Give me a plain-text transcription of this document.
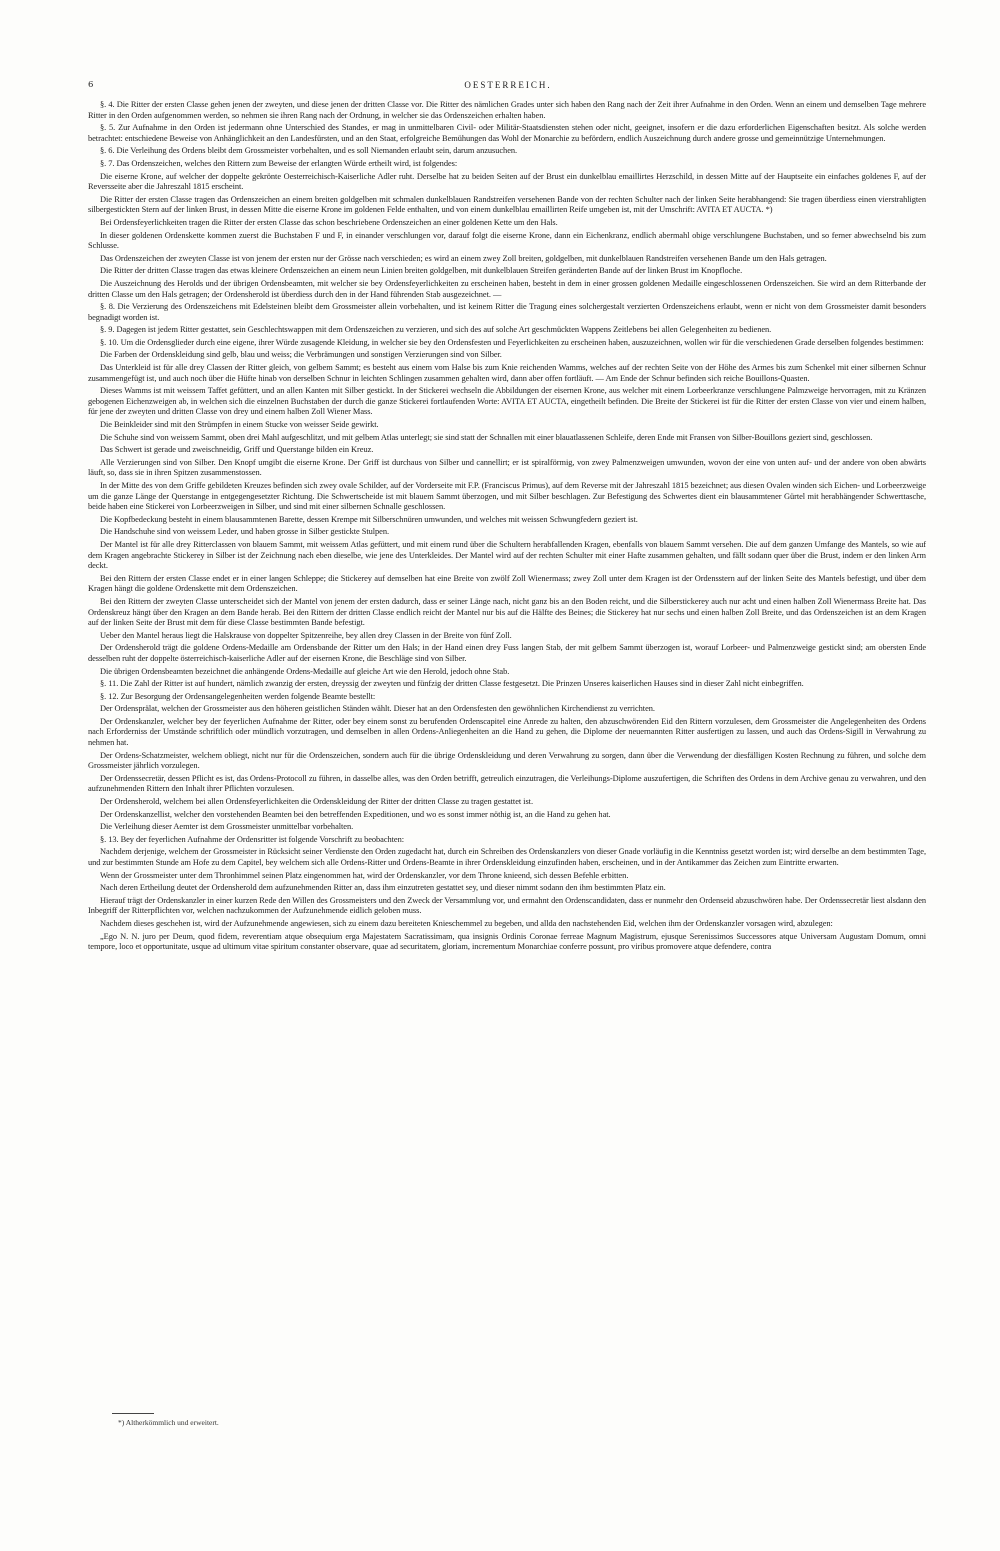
6	OESTERREICH.

§. 4. Die Ritter der ersten Classe gehen jenen der zweyten, und diese jenen der dritten Classe vor. Die Ritter des nämlichen Grades unter sich haben den Rang nach der Zeit ihrer Aufnahme in den Orden. Wenn an einem und demselben Tage mehrere Ritter in den Orden aufgenommen werden, so nehmen sie ihren Rang nach der Ordnung, in welcher sie das Ordenszeichen erhalten haben.

§. 5. Zur Aufnahme in den Orden ist jedermann ohne Unterschied des Standes, er mag in unmittelbaren Civil- oder Militär-Staatsdiensten stehen oder nicht, geeignet, insofern er die dazu erforderlichen Eigenschaften besitzt. Als solche werden betrachtet: entschiedene Beweise von Anhänglichkeit an den Landesfürsten, und an den Staat, erfolgreiche Bemühungen das Wohl der Monarchie zu befördern, endlich Auszeichnung durch andere grosse und gemeinnützige Unternehmungen.

§. 6. Die Verleihung des Ordens bleibt dem Grossmeister vorbehalten, und es soll Niemanden erlaubt sein, darum anzusuchen.

§. 7. Das Ordenszeichen, welches den Rittern zum Beweise der erlangten Würde ertheilt wird, ist folgendes:

Die eiserne Krone, auf welcher der doppelte gekrönte Oesterreichisch-Kaiserliche Adler ruht. Derselbe hat zu beiden Seiten auf der Brust ein dunkelblau emaillirtes Herzschild, in dessen Mitte auf der Hauptseite ein einfaches goldenes F, auf der Reversseite aber die Jahreszahl 1815 erscheint.

Die Ritter der ersten Classe tragen das Ordenszeichen an einem breiten goldgelben mit schmalen dunkelblauen Randstreifen versehenen Bande von der rechten Schulter nach der linken Seite herabhangend: Sie tragen überdiess einen vierstrahligten silbergestickten Stern auf der linken Brust, in dessen Mitte die eiserne Krone im goldenen Felde enthalten, und von einem dunkelblau emaillirten Reife umgeben ist, mit der Umschrift: AVITA ET AUCTA. *)

Bei Ordensfeyerlichkeiten tragen die Ritter der ersten Classe das schon beschriebene Ordenszeichen an einer goldenen Kette um den Hals.

In dieser goldenen Ordenskette kommen zuerst die Buchstaben F und F, in einander verschlungen vor, darauf folgt die eiserne Krone, dann ein Eichenkranz, endlich abermahl obige verschlungene Buchstaben, und so ferner abwechselnd bis zum Schlusse.

Das Ordenszeichen der zweyten Classe ist von jenem der ersten nur der Grösse nach verschieden; es wird an einem zwey Zoll breiten, goldgelben, mit dunkelblauen Randstreifen versehenen Bande um den Hals getragen.

Die Ritter der dritten Classe tragen das etwas kleinere Ordenszeichen an einem neun Linien breiten goldgelben, mit dunkelblauen Streifen geränderten Bande auf der linken Brust im Knopfloche.

Die Auszeichnung des Herolds und der übrigen Ordensbeamten, mit welcher sie bey Ordensfeyerlichkeiten zu erscheinen haben, besteht in dem in einer grossen goldenen Medaille eingeschlossenen Ordenszeichen. Sie wird an dem Ritterbande der dritten Classe um den Hals getragen; der Ordensherold ist überdiess durch den in der Hand führenden Stab ausgezeichnet. —

§. 8. Die Verzierung des Ordenszeichens mit Edelsteinen bleibt dem Grossmeister allein vorbehalten, und ist keinem Ritter die Tragung eines solchergestalt verzierten Ordenszeichens erlaubt, wenn er nicht von dem Grossmeister damit besonders begnadigt worden ist.

§. 9. Dagegen ist jedem Ritter gestattet, sein Geschlechtswappen mit dem Ordenszeichen zu verzieren, und sich des auf solche Art geschmückten Wappens Zeitlebens bei allen Gelegenheiten zu bedienen.

§. 10. Um die Ordensglieder durch eine eigene, ihrer Würde zusagende Kleidung, in welcher sie bey den Ordensfesten und Feyerlichkeiten zu erscheinen haben, auszuzeichnen, wollen wir für die verschiedenen Grade derselben folgendes bestimmen:

Die Farben der Ordenskleidung sind gelb, blau und weiss; die Verbrämungen und sonstigen Verzierungen sind von Silber.

Das Unterkleid ist für alle drey Classen der Ritter gleich, von gelbem Sammt; es besteht aus einem vom Halse bis zum Knie reichenden Wamms, welches auf der rechten Seite von der Höhe des Armes bis zum Schenkel mit einer silbernen Schnur zusammengefügt ist, und auch noch über die Hüfte hinab von derselben Schnur in leichten Schlingen zusammen gehalten wird, dann aber offen fortläuft. — Am Ende der Schnur befinden sich reiche Bouillons-Quasten.

Dieses Wamms ist mit weissem Taffet gefüttert, und an allen Kanten mit Silber gestickt. In der Stickerei wechseln die Abbildungen der eisernen Krone, aus welcher mit einem Lorbeerkranze verschlungene Palmzweige hervorragen, mit zu Kränzen gebogenen Eichenzweigen ab, in welchen sich die einzelnen Buchstaben der durch die ganze Stickerei fortlaufenden Worte: AVITA ET AUCTA, eingetheilt befinden. Die Breite der Stickerei ist für die Ritter der ersten Classe von vier und einem halben, für jene der zweyten und dritten Classe von drey und einem halben Zoll Wiener Mass.

Die Beinkleider sind mit den Strümpfen in einem Stucke von weisser Seide gewirkt.

Die Schuhe sind von weissem Sammt, oben drei Mahl aufgeschlitzt, und mit gelbem Atlas unterlegt; sie sind statt der Schnallen mit einer blauatlassenen Schleife, deren Ende mit Fransen von Silber-Bouillons geziert sind, geschlossen.

Das Schwert ist gerade und zweischneidig, Griff und Querstange bilden ein Kreuz.

Alle Verzierungen sind von Silber. Den Knopf umgibt die eiserne Krone. Der Griff ist durchaus von Silber und cannellirt; er ist spiralförmig, von zwey Palmenzweigen umwunden, wovon der eine von unten auf- und der andere von oben abwärts läuft, so, dass sie in ihren Spitzen zusammenstossen.

In der Mitte des von dem Griffe gebildeten Kreuzes befinden sich zwey ovale Schilder, auf der Vorderseite mit F.P. (Franciscus Primus), auf dem Reverse mit der Jahreszahl 1815 bezeichnet; aus diesen Ovalen winden sich Eichen- und Lorbeerzweige um die ganze Länge der Querstange in entgegengesetzter Richtung. Die Schwertscheide ist mit blauem Sammt überzogen, und mit Silber beschlagen. Zur Befestigung des Schwertes dient ein blausammtener Gürtel mit herabhängender Schwerttasche, beide haben eine Stickerei von Lorbeerzweigen in Silber, und sind mit einer silbernen Schnalle geschlossen.

Die Kopfbedeckung besteht in einem blausammtenen Barette, dessen Krempe mit Silberschnüren umwunden, und welches mit weissen Schwungfedern geziert ist.

Die Handschuhe sind von weissem Leder, und haben grosse in Silber gestickte Stulpen.

Der Mantel ist für alle drey Ritterclassen von blauem Sammt, mit weissem Atlas gefüttert, und mit einem rund über die Schultern herabfallenden Kragen, ebenfalls von blauem Sammt versehen. Die auf dem ganzen Umfange des Mantels, so wie auf dem Kragen angebrachte Stickerey in Silber ist der Zeichnung nach eben dieselbe, wie jene des Unterkleides. Der Mantel wird auf der rechten Schulter mit einer Hafte zusammen gehalten, und fällt sodann quer über die Brust, indem er den linken Arm deckt.

Bei den Rittern der ersten Classe endet er in einer langen Schleppe; die Stickerey auf demselben hat eine Breite von zwölf Zoll Wienermass; zwey Zoll unter dem Kragen ist der Ordensstern auf der linken Seite des Mantels befestigt, und über dem Kragen hängt die goldene Ordenskette mit dem Ordenszeichen.

Bei den Rittern der zweyten Classe unterscheidet sich der Mantel von jenem der ersten dadurch, dass er seiner Länge nach, nicht ganz bis an den Boden reicht, und die Silberstickerey auch nur acht und einen halben Zoll Wienermass Breite hat. Das Ordenskreuz hängt über den Kragen an dem Bande herab. Bei den Rittern der dritten Classe endlich reicht der Mantel nur bis auf die Hälfte des Beines; die Stickerey hat nur sechs und einen halben Zoll Breite, und das Ordenszeichen ist an dem Kragen auf der linken Seite der Brust mit dem für diese Classe bestimmten Bande befestigt.

Ueber den Mantel heraus liegt die Halskrause von doppelter Spitzenreihe, bey allen drey Classen in der Breite von fünf Zoll.

Der Ordensherold trägt die goldene Ordens-Medaille am Ordensbande der Ritter um den Hals; in der Hand einen drey Fuss langen Stab, der mit gelbem Sammt überzogen ist, worauf Lorbeer- und Palmenzweige gestickt sind; am obersten Ende desselben ruht der doppelte österreichisch-kaiserliche Adler auf der eisernen Krone, die Beschläge sind von Silber.

Die übrigen Ordensbeamten bezeichnet die anhängende Ordens-Medaille auf gleiche Art wie den Herold, jedoch ohne Stab.

§. 11. Die Zahl der Ritter ist auf hundert, nämlich zwanzig der ersten, dreyssig der zweyten und fünfzig der dritten Classe festgesetzt. Die Prinzen Unseres kaiserlichen Hauses sind in dieser Zahl nicht einbegriffen.

§. 12. Zur Besorgung der Ordensangelegenheiten werden folgende Beamte bestellt:

Der Ordensprälat, welchen der Grossmeister aus den höheren geistlichen Ständen wählt. Dieser hat an den Ordensfesten den gewöhnlichen Kirchendienst zu verrichten.

Der Ordenskanzler, welcher bey der feyerlichen Aufnahme der Ritter, oder bey einem sonst zu berufenden Ordenscapitel eine Anrede zu halten, den abzuschwörenden Eid den Rittern vorzulesen, dem Grossmeister die Angelegenheiten des Ordens nach Erforderniss der Umstände schriftlich oder mündlich vorzutragen, und demselben in allen Ordens-Anliegenheiten an die Hand zu gehen, die Diplome der neuernannten Ritter ausfertigen zu lassen, und auch das Ordens-Sigill in Verwahrung zu nehmen hat.

Der Ordens-Schatzmeister, welchem obliegt, nicht nur für die Ordenszeichen, sondern auch für die übrige Ordenskleidung und deren Verwahrung zu sorgen, dann über die Verwendung der diesfälligen Kosten Rechnung zu führen, und solche dem Grossmeister jährlich vorzulegen.

Der Ordenssecretär, dessen Pflicht es ist, das Ordens-Protocoll zu führen, in dasselbe alles, was den Orden betrifft, getreulich einzutragen, die Verleihungs-Diplome auszufertigen, die Schriften des Ordens in dem Archive genau zu verwahren, und den aufzunehmenden Rittern den Inhalt ihrer Pflichten vorzulesen.

Der Ordensherold, welchem bei allen Ordensfeyerlichkeiten die Ordenskleidung der Ritter der dritten Classe zu tragen gestattet ist.

Der Ordenskanzellist, welcher den vorstehenden Beamten bei den betreffenden Expeditionen, und wo es sonst immer nöthig ist, an die Hand zu gehen hat.

Die Verleihung dieser Aemter ist dem Grossmeister unmittelbar vorbehalten.

§. 13. Bey der feyerlichen Aufnahme der Ordensritter ist folgende Vorschrift zu beobachten:

Nachdem derjenige, welchem der Grossmeister in Rücksicht seiner Verdienste den Orden zugedacht hat, durch ein Schreiben des Ordenskanzlers von dieser Gnade vorläufig in die Kenntniss gesetzt worden ist; wird derselbe an dem bestimmten Tage, und zur bestimmten Stunde am Hofe zu dem Capitel, bey welchem sich alle Ordens-Ritter und Ordens-Beamte in ihrer Ordenskleidung einzufinden haben, erscheinen, und in der Antikammer das Zeichen zum Eintritte erwarten.

Wenn der Grossmeister unter dem Thronhimmel seinen Platz eingenommen hat, wird der Ordenskanzler, vor dem Throne knieend, sich dessen Befehle erbitten.

Nach deren Ertheilung deutet der Ordensherold dem aufzunehmenden Ritter an, dass ihm einzutreten gestattet sey, und dieser nimmt sodann den ihm bestimmten Platz ein.

Hierauf trägt der Ordenskanzler in einer kurzen Rede den Willen des Grossmeisters und den Zweck der Versammlung vor, und ermahnt den Ordenscandidaten, dass er nunmehr den Ordenseid abzuschwören habe. Der Ordenssecretär liest alsdann den Inbegriff der Ritterpflichten vor, welchen nachzukommen der Aufzunehmende eidlich geloben muss.

Nachdem dieses geschehen ist, wird der Aufzunehmende angewiesen, sich zu einem dazu bereiteten Knieschemmel zu begeben, und allda den nachstehenden Eid, welchen ihm der Ordenskanzler vorsagen wird, abzulegen:

„Ego N. N. juro per Deum, quod fidem, reverentiam atque obsequium erga Majestatem Sacratissimam, qua insignis Ordinis Coronae ferreae Magnum Magistrum, ejusque Serenissimos Successores atque Universam Augustam Domum, omni tempore, loco et opportunitate, usque ad ultimum vitae spiritum constanter observare, quae ad securitatem, gloriam, incrementum Monarchiae conferre possunt, pro viribus promovere atque defendere, contra

*) Altherkömmlich und erweitert.
